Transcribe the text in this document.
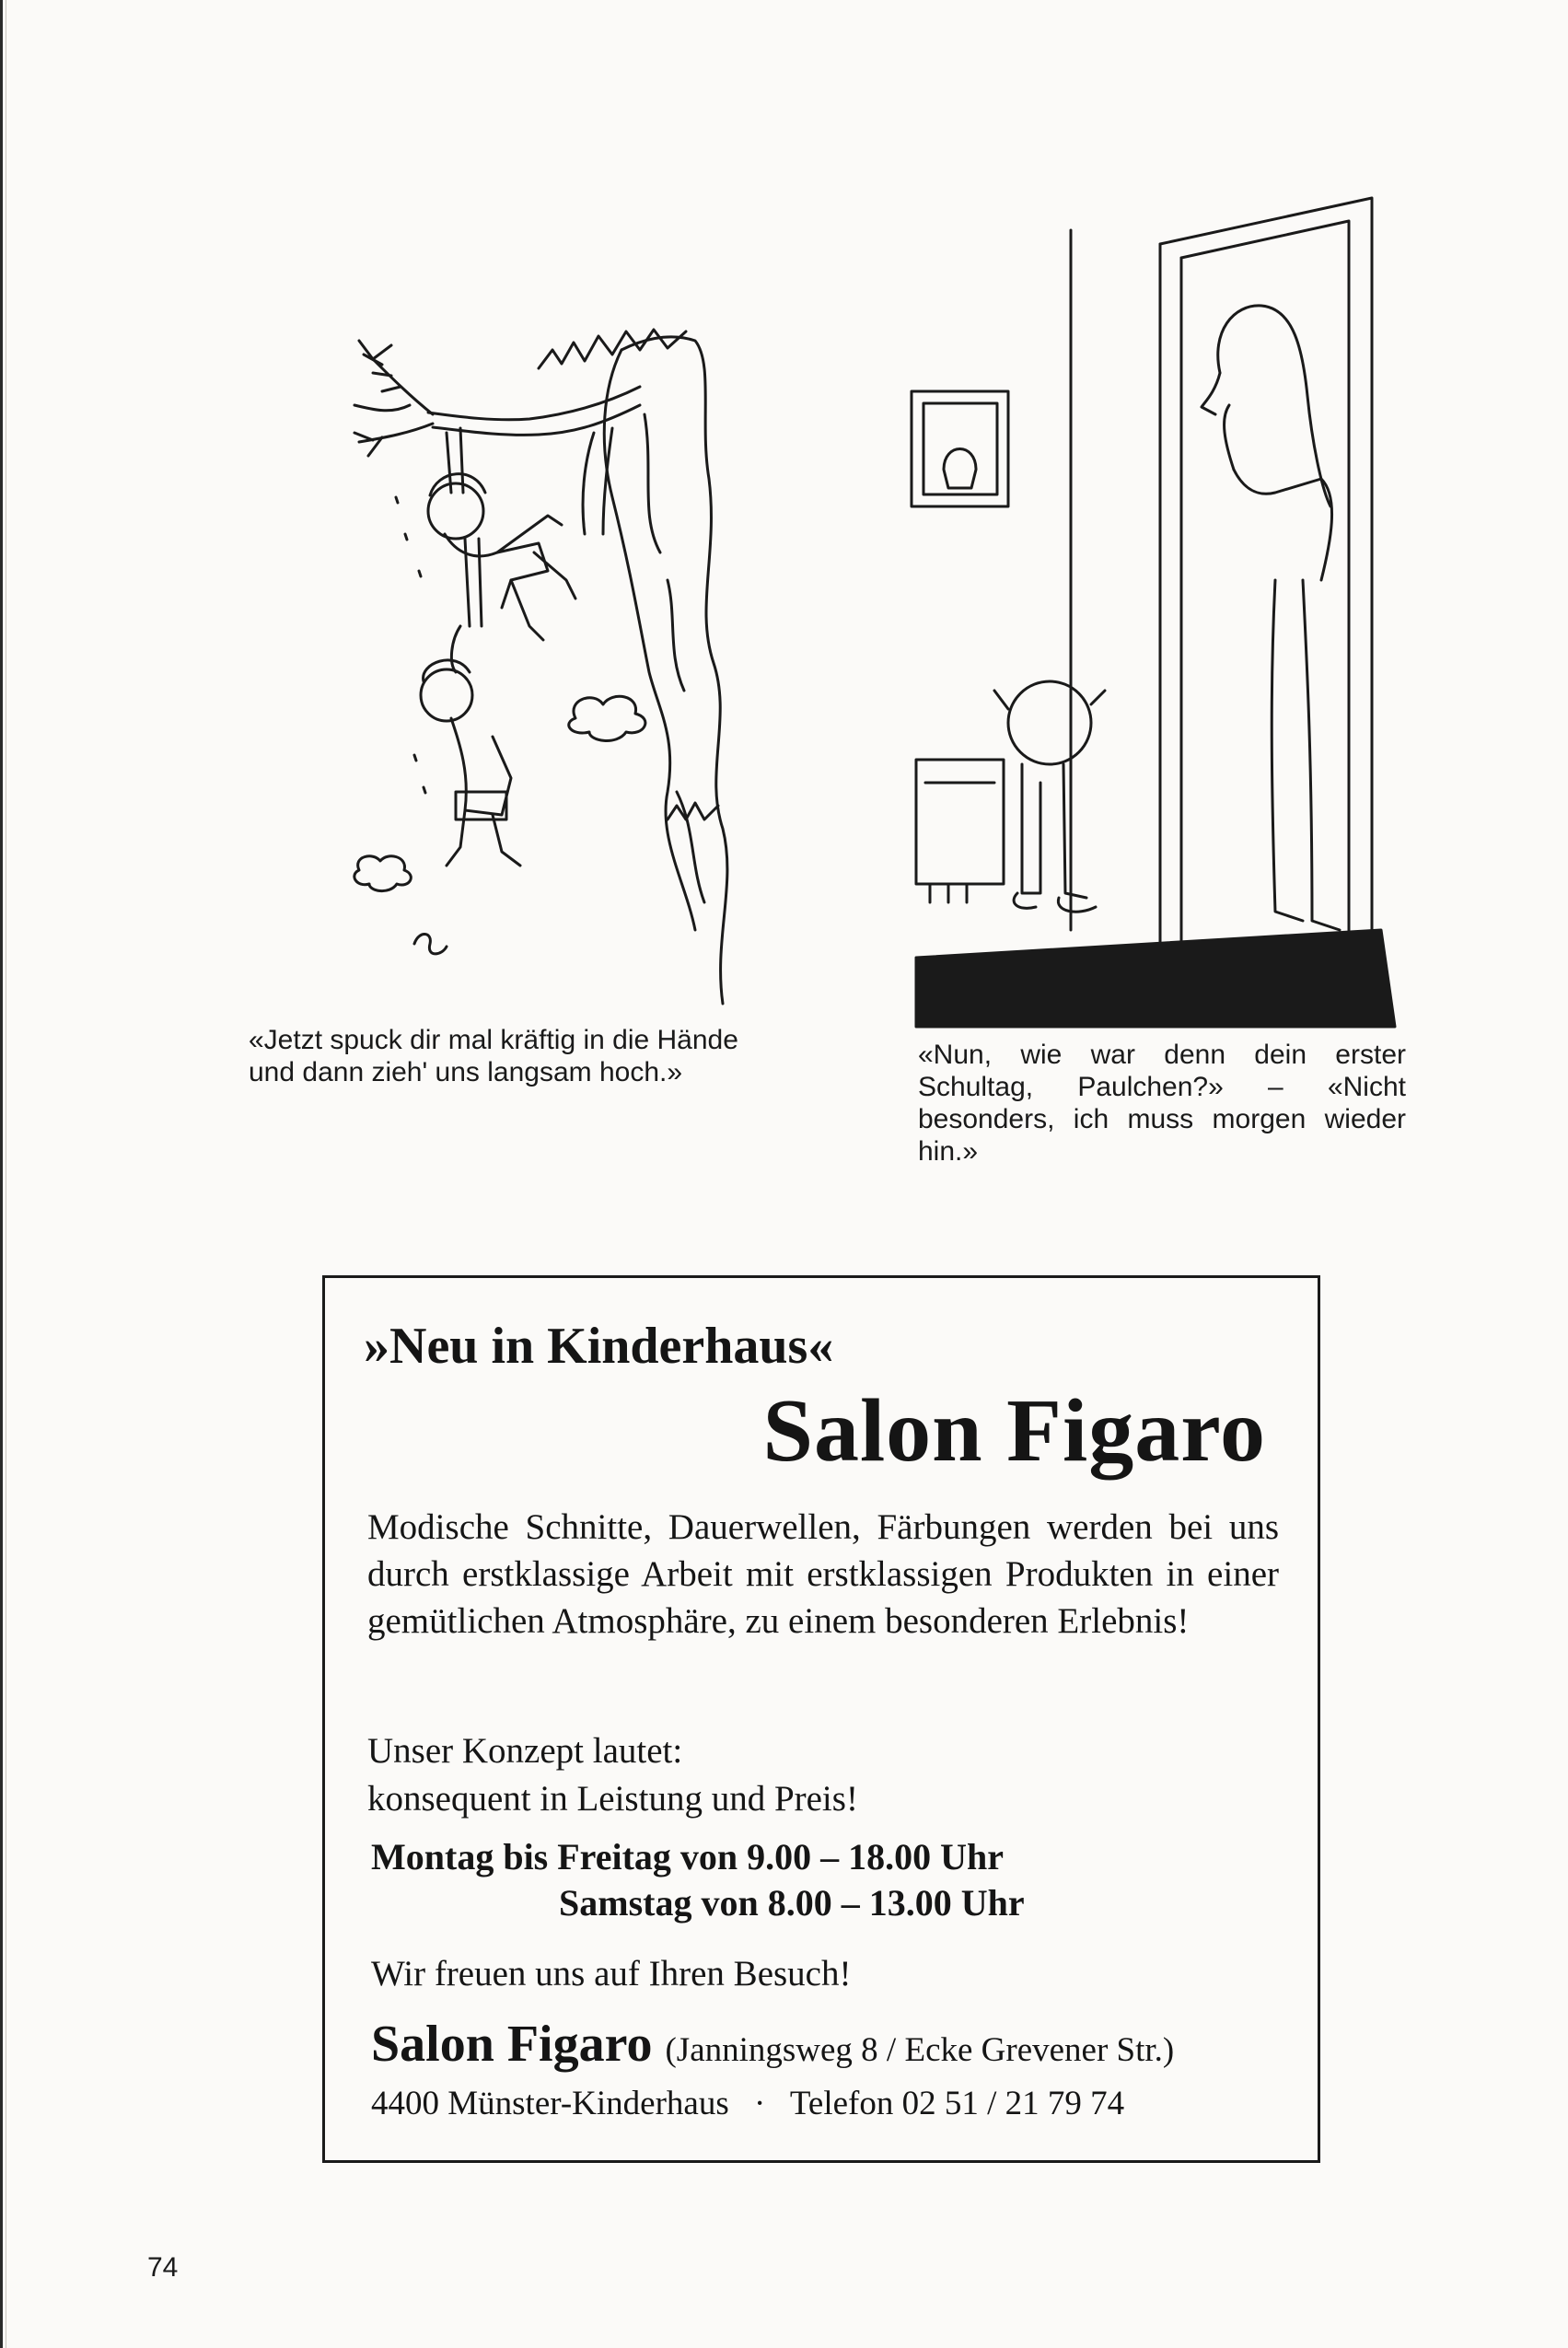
«Jetzt spuck dir mal kräftig in die Hände und dann zieh' uns langsam hoch.»

«Nun, wie war denn dein erster Schultag, Paulchen?» – «Nicht besonders, ich muss morgen wieder hin.»

»Neu in Kinderhaus«

Salon Figaro

Modische Schnitte, Dauerwellen, Färbungen werden bei uns durch erstklassige Arbeit mit erstklassigen Produkten in einer gemütlichen Atmosphäre, zu einem besonderen Erlebnis!

Unser Konzept lautet:
konsequent in Leistung und Preis!

Montag bis Freitag von 9.00 – 18.00 Uhr

Samstag von 8.00 – 13.00 Uhr

Wir freuen uns auf Ihren Besuch!

Salon Figaro (Janningsweg 8 / Ecke Grevener Str.)

4400 Münster-Kinderhaus · Telefon 02 51 / 21 79 74

74
